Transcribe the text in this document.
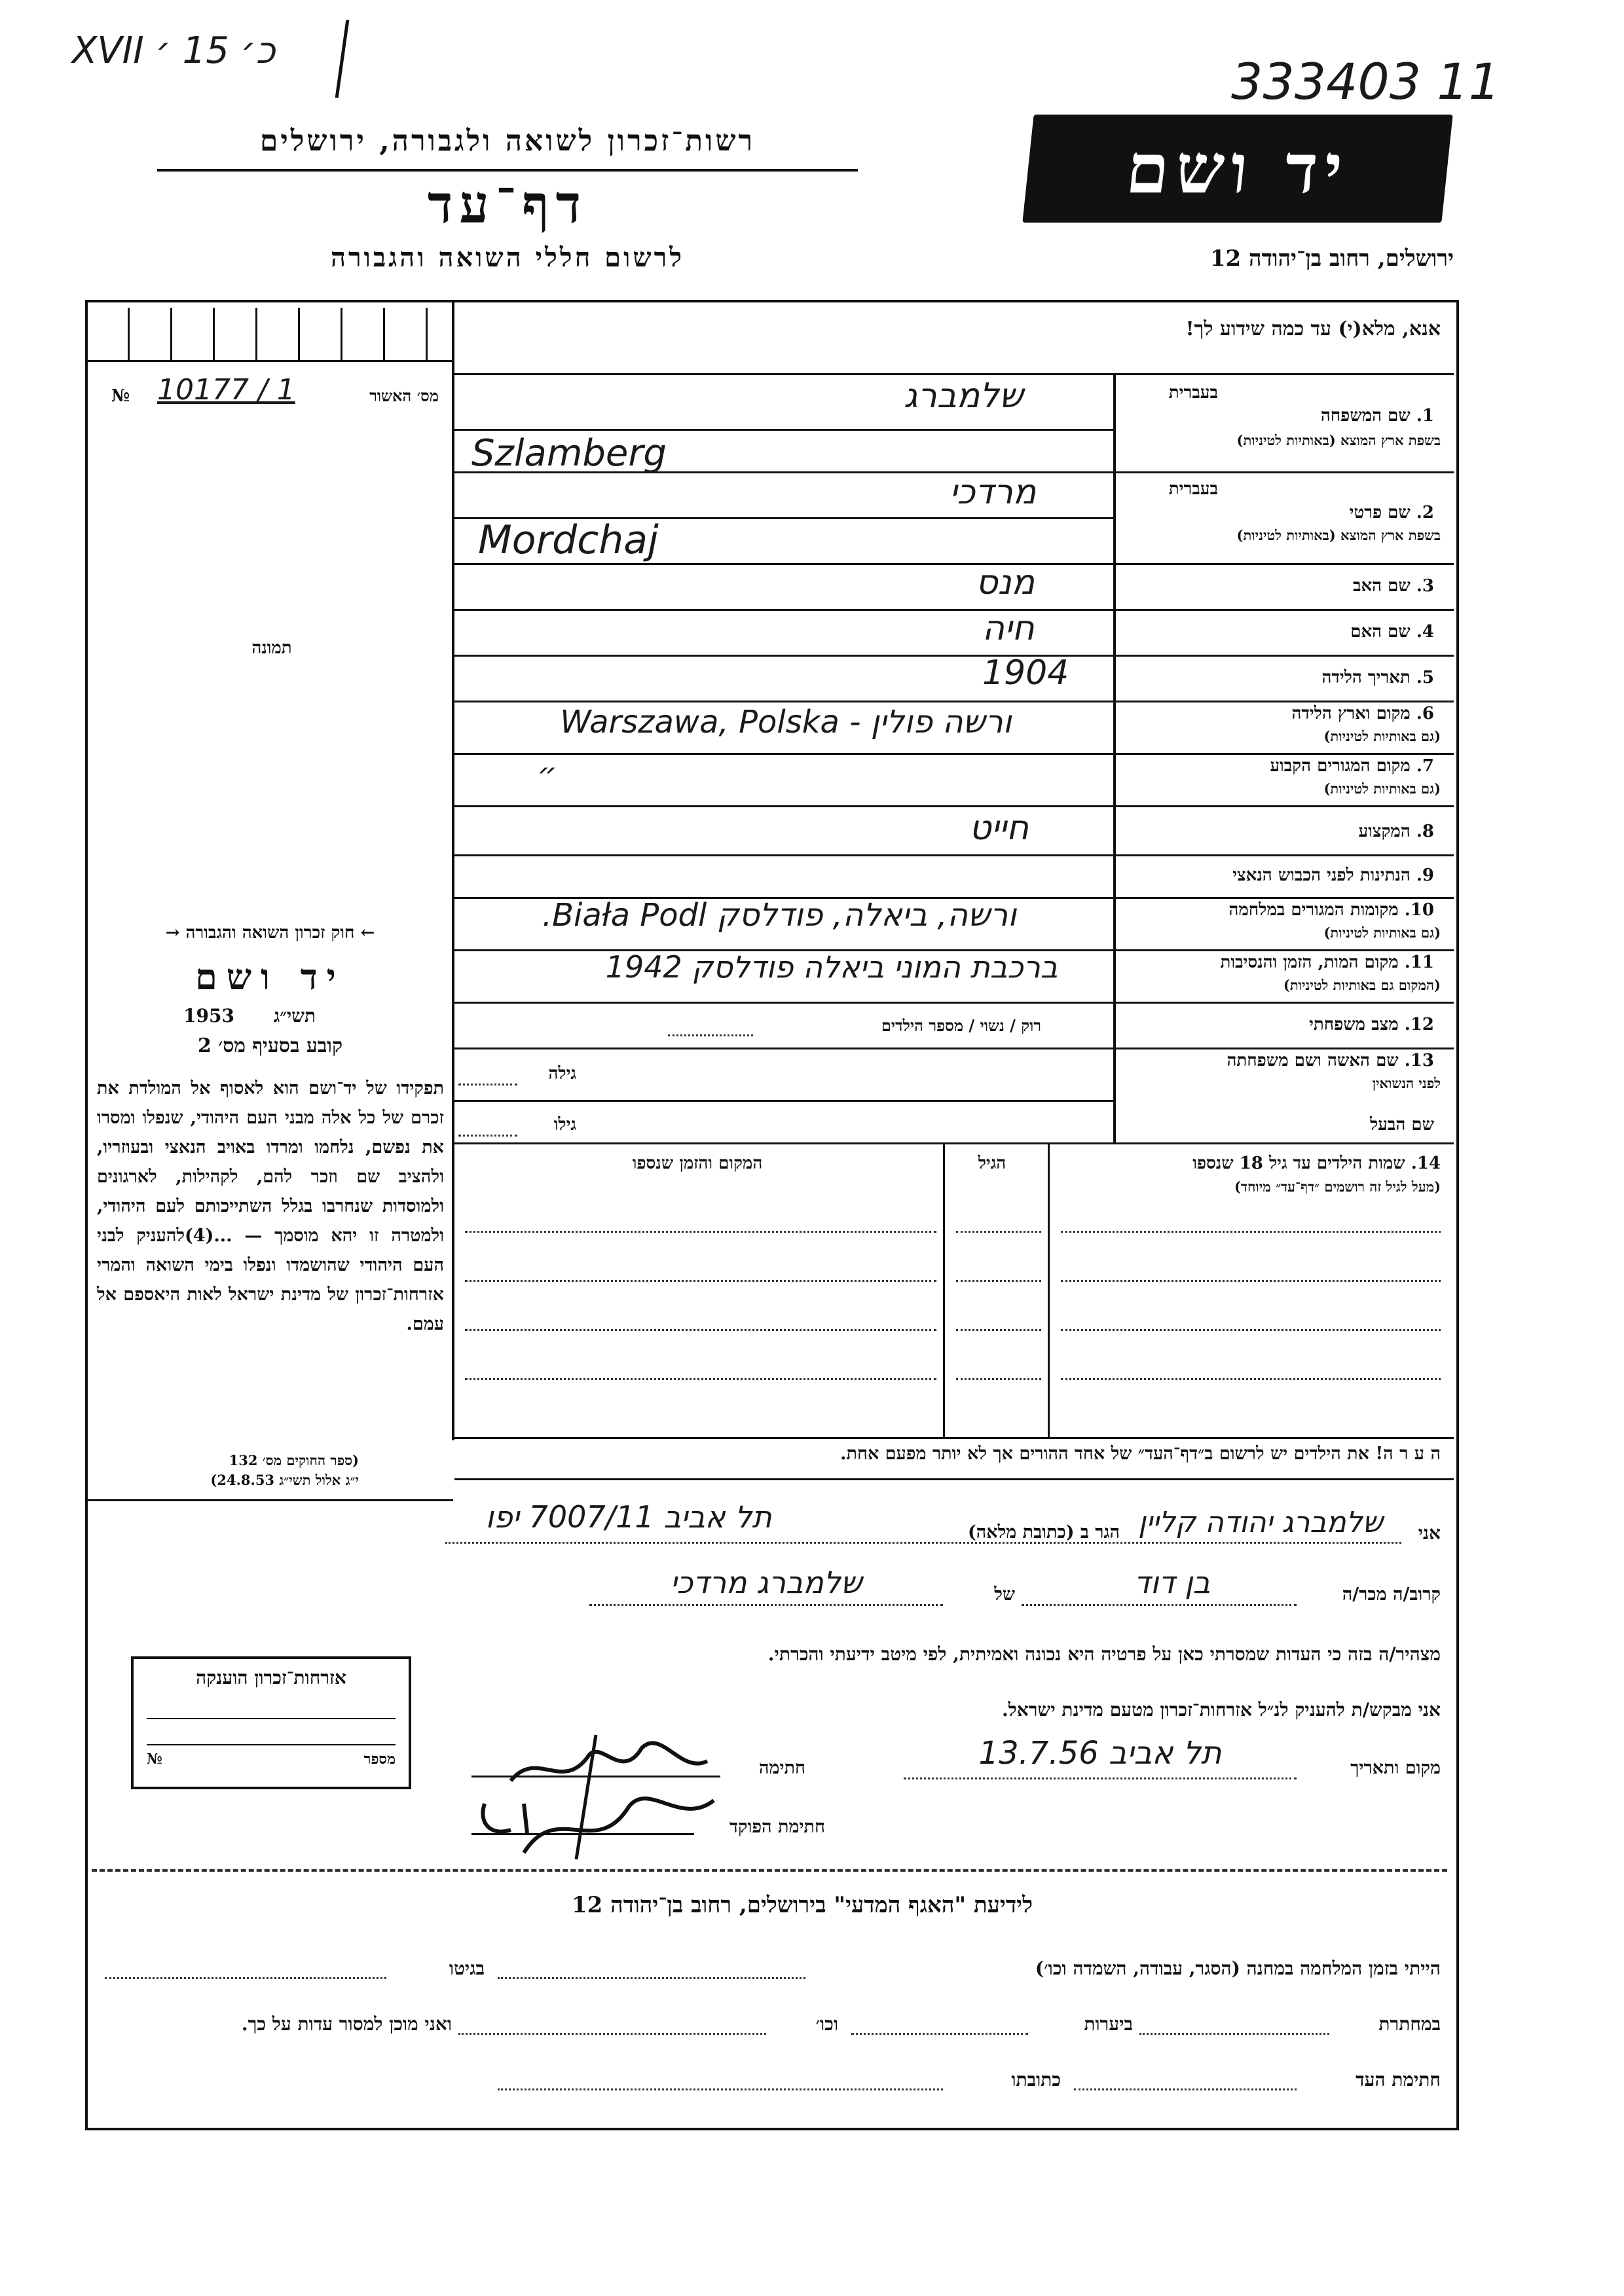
XVII כ׳ 15 ׳
333403 11
רשות־זכרון לשואה ולגבורה, ירושלים
דף־עד
לרשום חללי השואה והגבורה
יד ושם
ירושלים, רחוב בן־יהודה 12
אנא, מלא(י) עד כמה שידוע לך!
מס׳ האשור
№ 10177 / 1
תמונה
בעברית
1. שם המשפחה
בשפת ארץ המוצא (באותיות לטיניות)
שלמברג
Szlamberg
בעברית
2. שם פרטי
בשפת ארץ המוצא (באותיות לטיניות)
מרדכי
Mordchaj
3. שם האב
מנס
4. שם האם
חיה
5. תאריך הלידה
1904
6. מקום וארץ הלידה
(גם באותיות לטיניות)
ורשה פולין - Warszawa, Polska
7. מקום המגורים הקבוע
(גם באותיות לטיניות)
״
8. המקצוע
חייט
9. הנתינות לפני הכבוש הנאצי
10. מקומות המגורים במלחמה
(גם באותיות לטיניות)
ורשה, ביאלה, פודלסק Biała Podl.
11. מקום המות, הזמן והנסיבות
(המקום גם באותיות לטיניות)
ברכבת המוני ביאלה פודלסק 1942
12. מצב משפחתי
רוק / נשוי / מספר הילדים
13. שם האשה ושם משפחתה
לפני הנשואין
גילה
שם הבעל
גילו
14. שמות הילדים עד גיל 18 שנספו
(מעל לגיל זה רושמים ״דף־עד״ מיוחד)
הגיל
המקום והזמן שנספו
← חוק זכרון השואה והגבורה →
יד ושם
תשי״ג
1953
קובע בסעיף מס׳ 2
תפקידו של יד־ושם הוא לאסוף אל המולדת את זכרם של כל אלה מבני העם היהודי, שנפלו ומסרו את נפשם, נלחמו ומרדו באויב הנאצי ובעוזריו, ולהציב שם וזכר להם, לקהילות, לארגונים ולמוסדות שנחרבו בגלל השתייכותם לעם היהודי, ולמטרה זו יהא מוסמך — ...(4)להעניק לבני העם היהודי שהושמדו ונפלו בימי השואה והמרי אזרחות־זכרון של מדינת ישראל לאות היאספם אל עמם.
(ספר החוקים מס׳ 132
י״ג אלול תשי״ג 24.8.53)
ה ע ר ה! את הילדים יש לרשום ב״דף־העד״ של אחד ההורים אך לא יותר מפעם אחת.
אני
שלמברג יהודה קליין
הגר ב (כתובת מלאה)
תל אביב 7007/11 יפו
קרוב/ה מכר/ה
בן דוד
של
שלמברג מרדכי
מצהיר/ה בזה כי העדות שמסרתי כאן על פרטיה היא נכונה ואמיתית, לפי מיטב ידיעתי והכרתי.
אני מבקש/ת להעניק לנ״ל אזרחות־זכרון מטעם מדינת ישראל.
מקום ותאריך
תל אביב 13.7.56
חתימה
חתימת הפוקד
אזרחות־זכרון הוענקה
מספר
№
לידיעת "האגף המדעי" בירושלים, רחוב בן־יהודה 12
הייתי בזמן המלחמה במחנה (הסגר, עבודה, השמדה וכו׳)
בגיטו
במחתרת
ביערות
וכו׳
ואני מוכן למסור עדות על כך.
חתימת העד
כתובתו
